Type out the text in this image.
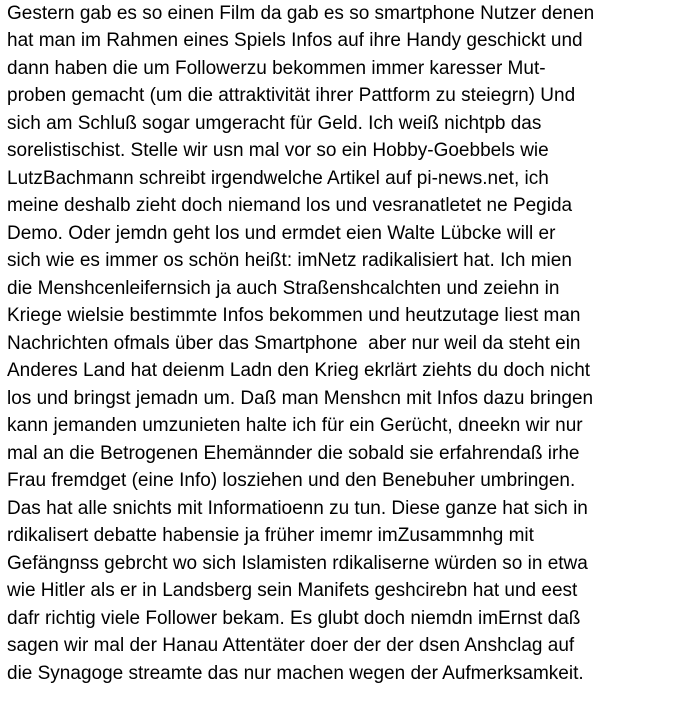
Gestern gab es so einen Film da gab es so smartphone Nutzer denen
hat man im Rahmen eines Spiels Infos auf ihre Handy geschickt und
dann haben die um Followerzu bekommen immer karesser Mut-
proben gemacht (um die attraktivität ihrer Pattform zu steiegrn) Und
sich am Schluß sogar umgeracht für Geld. Ich weiß nichtpb das
sorelistischist. Stelle wir usn mal vor so ein Hobby-Goebbels wie
LutzBachmann schreibt irgendwelche Artikel auf pi-news.net, ich
meine deshalb zieht doch niemand los und vesranatletet ne Pegida
Demo. Oder jemdn geht los und ermdet eien Walte Lübcke will er
sich wie es immer os schön heißt: imNetz radikalisiert hat. Ich mien
die Menshcenleifernsich ja auch Straßenshcalchten und zeiehn in
Kriege wielsie bestimmte Infos bekommen und heutzutage liest man
Nachrichten ofmals über das Smartphone  aber nur weil da steht ein
Anderes Land hat deienm Ladn den Krieg ekrlärt ziehts du doch nicht
los und bringst jemadn um. Daß man Menshcn mit Infos dazu bringen
kann jemanden umzunieten halte ich für ein Gerücht, dneekn wir nur
mal an die Betrogenen Ehemännder die sobald sie erfahrendaß irhe
Frau fremdget (eine Info) losziehen und den Benebuher umbringen.
Das hat alle snichts mit Informatioenn zu tun. Diese ganze hat sich in
rdikalisert debatte habensie ja früher imemr imZusammnhg mit
Gefängnss gebrcht wo sich Islamisten rdikaliserne würden so in etwa
wie Hitler als er in Landsberg sein Manifets geshcirebn hat und eest
dafr richtig viele Follower bekam. Es glubt doch niemdn imErnst daß
sagen wir mal der Hanau Attentäter doer der der dsen Anshclag auf
die Synagoge streamte das nur machen wegen der Aufmerksamkeit.
